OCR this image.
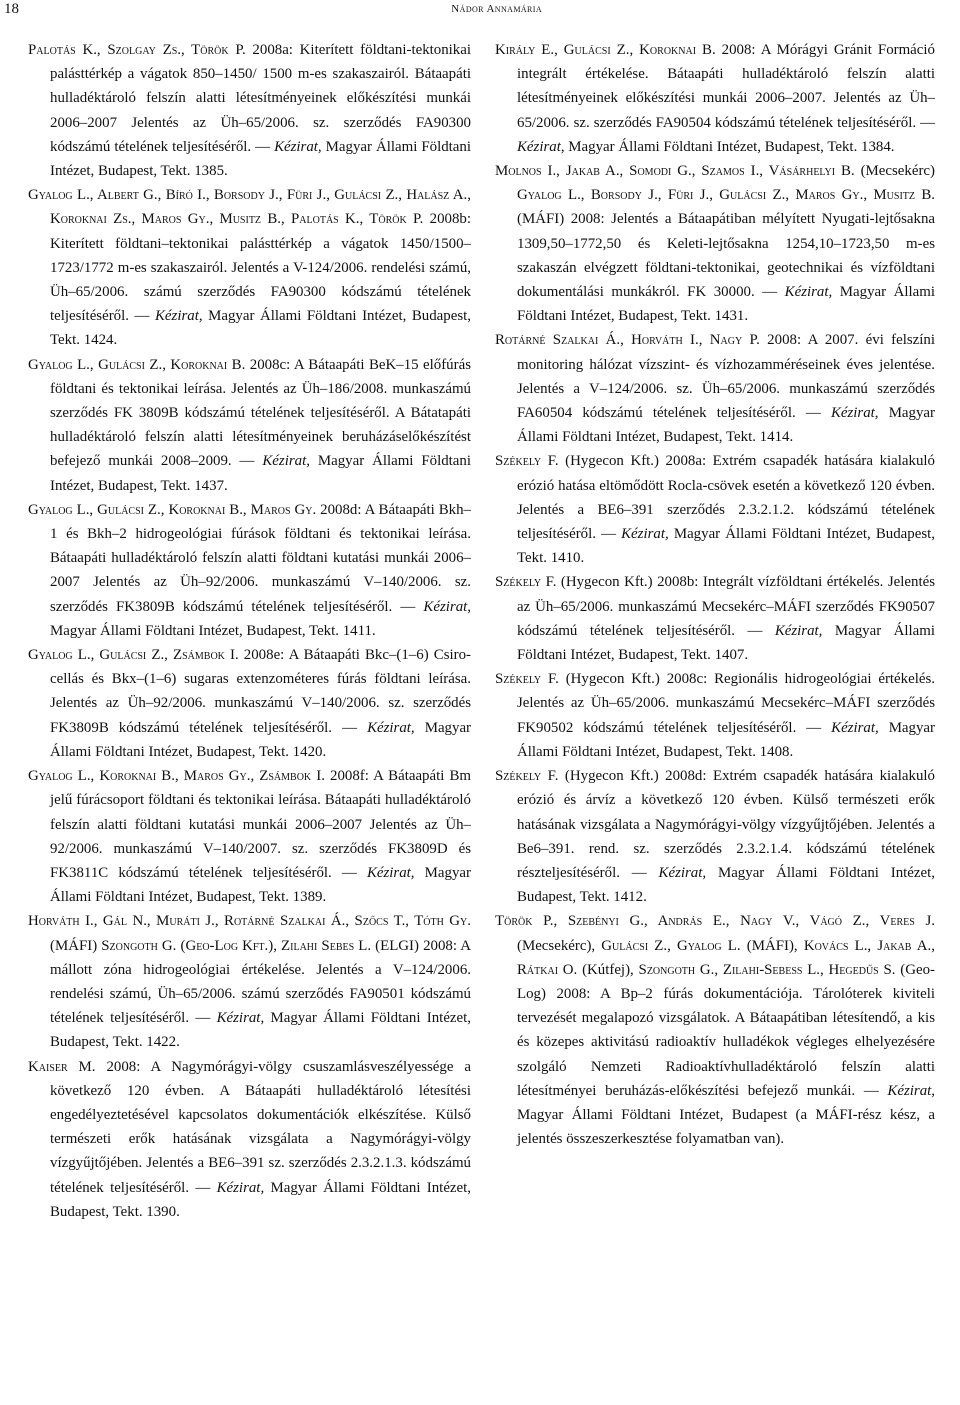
18	Nádor Annamária

Palotás K., Szolgay Zs., Török P. 2008a: Kiterített földtani-tektonikai palásttérkép a vágatok 850–1450/ 1500 m-es szakaszairól. Bátaapáti hulladéktároló felszín alatti létesítményeinek előkészítési munkái 2006–2007 Jelentés az Üh–65/2006. sz. szerződés FA90300 kódszámú tételének teljesítéséről. — Kézirat, Magyar Állami Földtani Intézet, Budapest, Tekt. 1385.

Gyalog L., Albert G., Bíró I., Borsody J., Füri J., Gulácsi Z., Halász A., Koroknai Zs., Maros Gy., Musitz B., Palotás K., Török P. 2008b: Kiterített földtani–tektonikai palásttérkép a vágatok 1450/1500–1723/1772 m-es szakaszairól. Jelentés a V-124/2006. rendelési számú, Üh–65/2006. számú szerződés FA90300 kódszámú tételének teljesítéséről. — Kézirat, Magyar Állami Földtani Intézet, Budapest, Tekt. 1424.

Gyalog L., Gulácsi Z., Koroknai B. 2008c: A Bátaapáti BeK–15 előfúrás földtani és tektonikai leírása. Jelentés az Üh–186/2008. munkaszámú szerződés FK 3809B kódszámú tételének teljesítéséről. A Bátatapáti hulladéktároló felszín alatti létesítményeinek beruházáselőkészítést befejező munkái 2008–2009. — Kézirat, Magyar Állami Földtani Intézet, Budapest, Tekt. 1437.

Gyalog L., Gulácsi Z., Koroknai B., Maros Gy. 2008d: A Bátaapáti Bkh–1 és Bkh–2 hidrogeológiai fúrások földtani és tektonikai leírása. Bátaapáti hulladéktároló felszín alatti földtani kutatási munkái 2006–2007 Jelentés az Üh–92/2006. munkaszámú V–140/2006. sz. szerződés FK3809B kódszámú tételének teljesítéséről. — Kézirat, Magyar Állami Földtani Intézet, Budapest, Tekt. 1411.

Gyalog L., Gulácsi Z., Zsámbok I. 2008e: A Bátaapáti Bkc–(1–6) Csiro-cellás és Bkx–(1–6) sugaras extenzométeres fúrás földtani leírása. Jelentés az Üh–92/2006. munkaszámú V–140/2006. sz. szerződés FK3809B kódszámú tételének teljesítéséről. — Kézirat, Magyar Állami Földtani Intézet, Budapest, Tekt. 1420.

Gyalog L., Koroknai B., Maros Gy., Zsámbok I. 2008f: A Bátaapáti Bm jelű fúrácsoport földtani és tektonikai leírása. Bátaapáti hulladéktároló felszín alatti földtani kutatási munkái 2006–2007 Jelentés az Üh–92/2006. munkaszámú V–140/2007. sz. szerződés FK3809D és FK3811C kódszámú tételének teljesítéséről. — Kézirat, Magyar Állami Földtani Intézet, Budapest, Tekt. 1389.

Horváth I., Gál N., Muráti J., Rotárné Szalkai Á., Szőcs T., Tóth Gy. (MÁFI) Szongoth G. (Geo-Log Kft.), Zilahi Sebes L. (ELGI) 2008: A mállott zóna hidrogeológiai értékelése. Jelentés a V–124/2006. rendelési számú, Üh–65/2006. számú szerződés FA90501 kódszámú tételének teljesítéséről. — Kézirat, Magyar Állami Földtani Intézet, Budapest, Tekt. 1422.

Kaiser M. 2008: A Nagymórágyi-völgy csuszamlásveszélyessége a következő 120 évben. A Bátaapáti hulladéktároló létesítési engedélyeztetésével kapcsolatos dokumentációk elkészítése. Külső természeti erők hatásának vizsgálata a Nagymórágyi-völgy vízgyűjtőjében. Jelentés a BE6–391 sz. szerződés 2.3.2.1.3. kódszámú tételének teljesítéséről. — Kézirat, Magyar Állami Földtani Intézet, Budapest, Tekt. 1390.

Király E., Gulácsi Z., Koroknai B. 2008: A Mórágyi Gránit Formáció integrált értékelése. Bátaapáti hulladéktároló felszín alatti létesítményeinek előkészítési munkái 2006–2007. Jelentés az Üh–65/2006. sz. szerződés FA90504 kódszámú tételének teljesítéséről. — Kézirat, Magyar Állami Földtani Intézet, Budapest, Tekt. 1384.

Molnos I., Jakab A., Somodi G., Szamos I., Vásárhelyi B. (Mecsekérc) Gyalog L., Borsody J., Füri J., Gulácsi Z., Maros Gy., Musitz B. (MÁFI) 2008: Jelentés a Bátaapátiban mélyített Nyugati-lejtősakna 1309,50–1772,50 és Keleti-lejtősakna 1254,10–1723,50 m-es szakaszán elvégzett földtani-tektonikai, geotechnikai és vízföldtani dokumentálási munkákról. FK 30000. — Kézirat, Magyar Állami Földtani Intézet, Budapest, Tekt. 1431.

Rotárné Szalkai Á., Horváth I., Nagy P. 2008: A 2007. évi felszíni monitoring hálózat vízszint- és vízhozamméréseinek éves jelentése. Jelentés a V–124/2006. sz. Üh–65/2006. munkaszámú szerződés FA60504 kódszámú tételének teljesítéséről. — Kézirat, Magyar Állami Földtani Intézet, Budapest, Tekt. 1414.

Székely F. (Hygecon Kft.) 2008a: Extrém csapadék hatására kialakuló erózió hatása eltömődött Rocla-csövek esetén a következő 120 évben. Jelentés a BE6–391 szerződés 2.3.2.1.2. kódszámú tételének teljesítéséről. — Kézirat, Magyar Állami Földtani Intézet, Budapest, Tekt. 1410.

Székely F. (Hygecon Kft.) 2008b: Integrált vízföldtani értékelés. Jelentés az Üh–65/2006. munkaszámú Mecsekérc–MÁFI szerződés FK90507 kódszámú tételének teljesítéséről. — Kézirat, Magyar Állami Földtani Intézet, Budapest, Tekt. 1407.

Székely F. (Hygecon Kft.) 2008c: Regionális hidrogeológiai értékelés. Jelentés az Üh–65/2006. munkaszámú Mecsekérc–MÁFI szerződés FK90502 kódszámú tételének teljesítéséről. — Kézirat, Magyar Állami Földtani Intézet, Budapest, Tekt. 1408.

Székely F. (Hygecon Kft.) 2008d: Extrém csapadék hatására kialakuló erózió és árvíz a következő 120 évben. Külső természeti erők hatásának vizsgálata a Nagymórágyi-völgy vízgyűjtőjében. Jelentés a Be6–391. rend. sz. szerződés 2.3.2.1.4. kódszámú tételének részteljesítéséről. — Kézirat, Magyar Állami Földtani Intézet, Budapest, Tekt. 1412.

Török P., Szebényi G., András E., Nagy V., Vágó Z., Veres J. (Mecsekérc), Gulácsi Z., Gyalog L. (MÁFI), Kovács L., Jakab A., Rátkai O. (Kútfej), Szongoth G., Zilahi-Sebess L., Hegedűs S. (Geo-Log) 2008: A Bp–2 fúrás dokumentációja. Tárolóterek kiviteli tervezését megalapozó vizsgálatok. A Bátaapátiban létesítendő, a kis és közepes aktivitású radioaktív hulladékok végleges elhelyezésére szolgáló Nemzeti Radioaktívhulladéktároló felszín alatti létesítményei beruházás-előkészítési befejező munkái. — Kézirat, Magyar Állami Földtani Intézet, Budapest (a MÁFI-rész kész, a jelentés összeszerkesztése folyamatban van).
